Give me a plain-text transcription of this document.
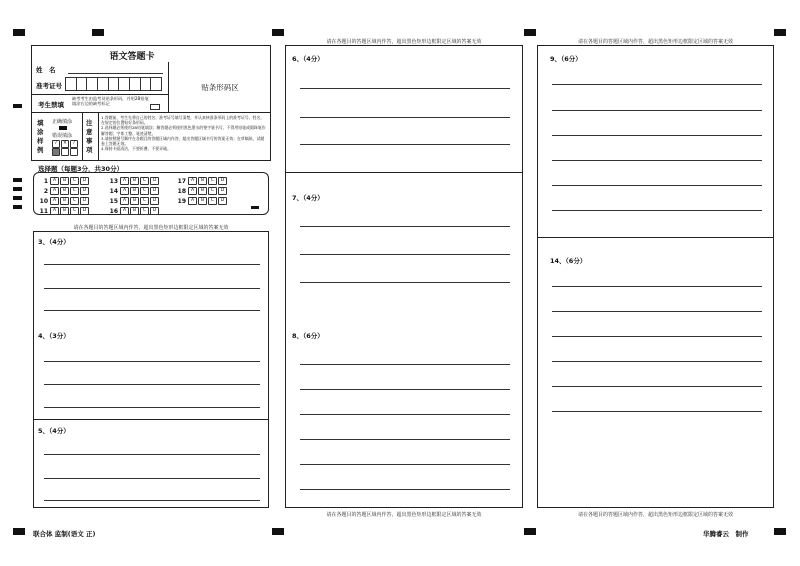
语文答题卡
姓　名
准考证号	贴条形码区
考生禁填
缺考考生由监考员贴条形码，并用2B铅笔填涂右边的缺考标记
填涂样例
正确填涂
错误填涂
✓ ✕ /
注意事项
1.答题前，考生先将自己的姓名、准考证号填写清楚，并认真核准条形码上的准考证号、姓名，在规定的位置贴好条形码。
2.选择题必须使用2B铅笔填涂；解答题必须使用黑色墨水的签字笔书写，不得用铅笔或圆珠笔作解答题；字体工整、笔迹清楚。
3.请按照题号顺序在各题目的答题区域内作答，超出答题区域书写的答案无效；在草稿纸、试题卷上答题无效。
4.保持卡面清洁，不要折叠、不要弄破。
选择题（每题3分，共30分）
1	A	B	C	D
2	A	B	C	D
10	A	B	C	D
11	A	B	C	D
13	A	B	C	D
14	A	B	C	D
15	A	B	C	D
16	A	B	C	D
17	A	B	C	D
18	A	B	C	D
19	A	B	C	D
请在各题目的答题区域内作答，超出黑色矩形边框限定区域的答案无效
3、（4分）
4、（3分）
5、（4分）
请在各题目的答题区域内作答，超出黑色矩形边框限定区域的答案无效
6、（4分）
7、（4分）
8、（6分）
请在各题目的答题区域内作答，超出黑色矩形边框限定区域的答案无效
请在各题目的答题区域内作答，超出黑色矩形边框限定区域的答案无效
9、（6分）
14、（6分）
请在各题目的答题区域内作答，超出黑色矩形边框限定区域的答案无效
联合体 监制(语文 正)	华腾睿云　制作
